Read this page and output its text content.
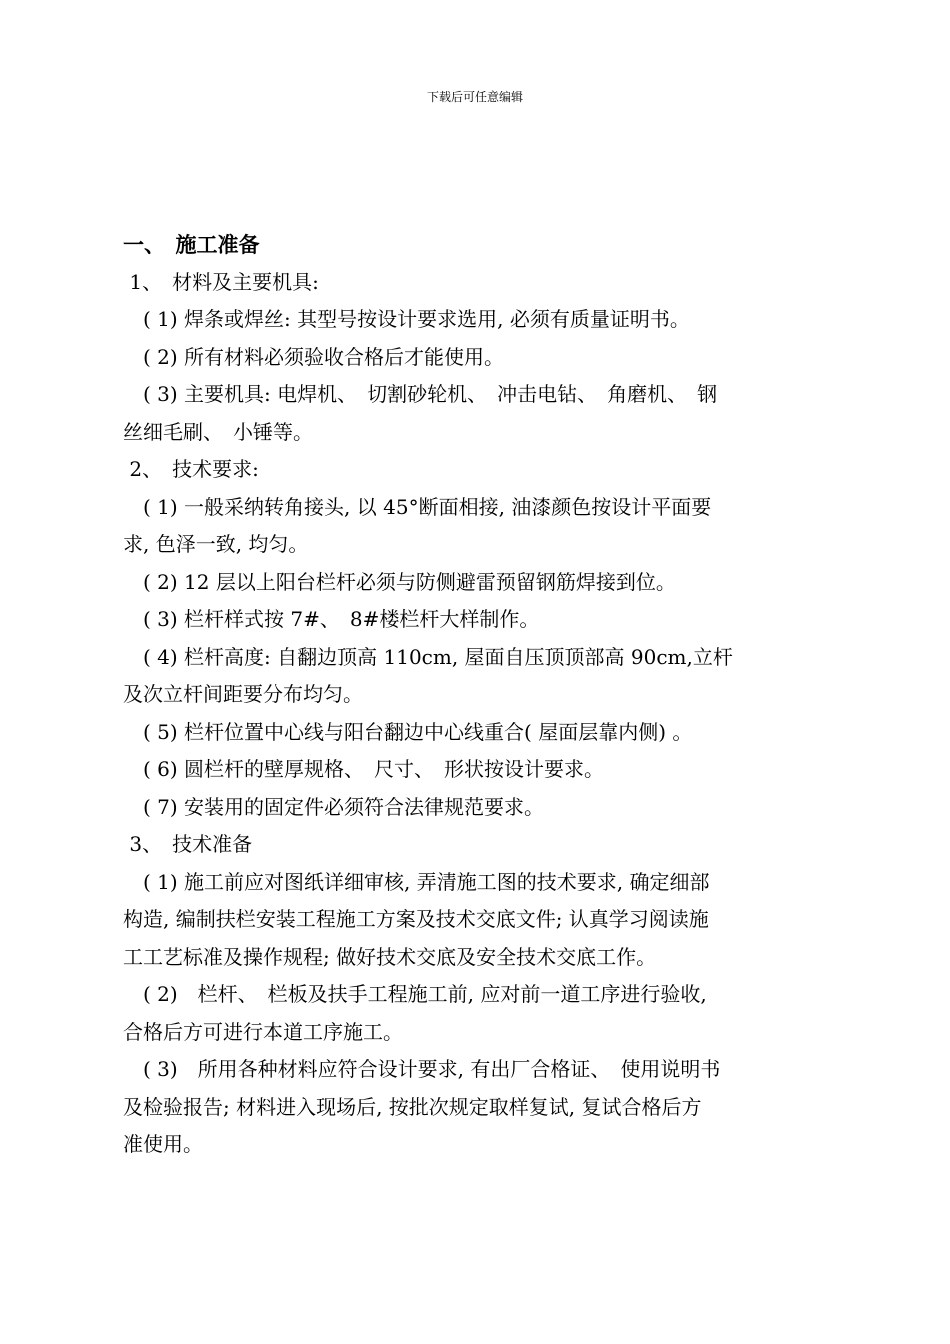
下载后可任意编辑
一、　施工准备
1、　材料及主要机具:
　( 1) 焊条或焊丝: 其型号按设计要求选用, 必须有质量证明书。
　( 2) 所有材料必须验收合格后才能使用。
　( 3) 主要机具: 电焊机、　切割砂轮机、　冲击电钻、　角磨机、　钢
丝细毛刷、　小锤等。
2、　技术要求:
　( 1) 一般采纳转角接头, 以 45°断面相接, 油漆颜色按设计平面要
求, 色泽一致, 均匀。
　( 2) 12 层以上阳台栏杆必须与防侧避雷预留钢筋焊接到位。
　( 3) 栏杆样式按 7#、　8#楼栏杆大样制作。
　( 4) 栏杆高度: 自翻边顶高 110cm, 屋面自压顶顶部高 90cm,立杆
及次立杆间距要分布均匀。
　( 5) 栏杆位置中心线与阳台翻边中心线重合( 屋面层靠内侧) 。
　( 6) 圆栏杆的壁厚规格、　尺寸、　形状按设计要求。
　( 7) 安装用的固定件必须符合法律规范要求。
3、　技术准备
　( 1) 施工前应对图纸详细审核, 弄清施工图的技术要求, 确定细部
构造, 编制扶栏安装工程施工方案及技术交底文件; 认真学习阅读施
工工艺标准及操作规程; 做好技术交底及安全技术交底工作。
　( 2)　栏杆、　栏板及扶手工程施工前, 应对前一道工序进行验收,
合格后方可进行本道工序施工。
　( 3)　所用各种材料应符合设计要求, 有出厂合格证、　使用说明书
及检验报告; 材料进入现场后, 按批次规定取样复试, 复试合格后方
准使用。
